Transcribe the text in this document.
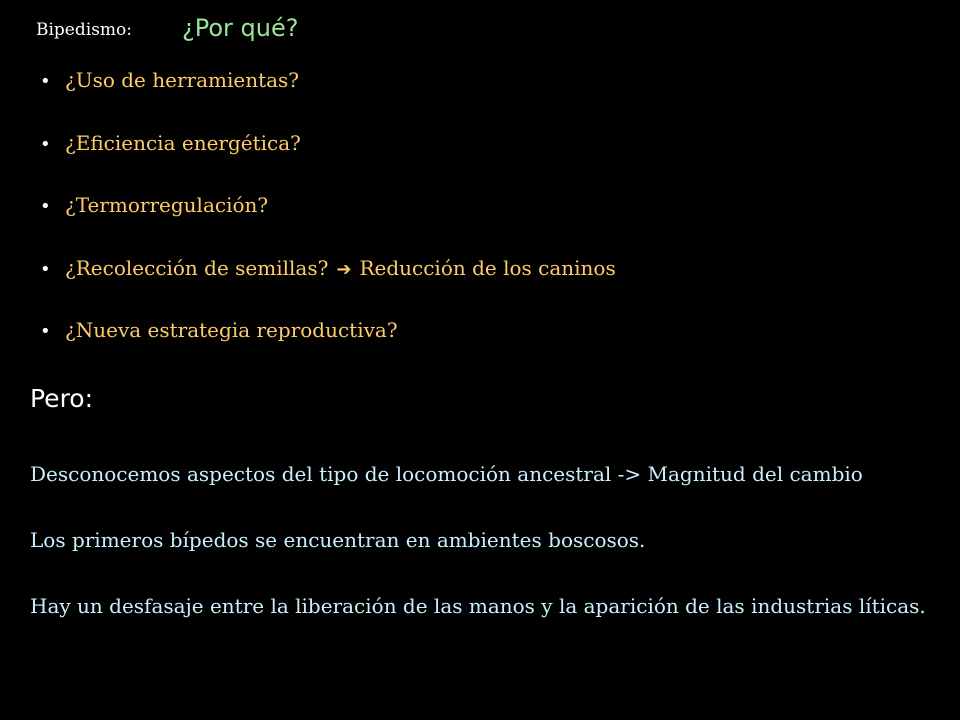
Bipedismo: ¿Por qué?
• ¿Uso de herramientas?
• ¿Eficiencia energética?
• ¿Termorregulación?
• ¿Recolección de semillas? ➔ Reducción de los caninos
• ¿Nueva estrategia reproductiva?
Pero:
Desconocemos aspectos del tipo de locomoción ancestral -> Magnitud del cambio
Los primeros bípedos se encuentran en ambientes boscosos.
Hay un desfasaje entre la liberación de las manos y la aparición de las industrias líticas.
